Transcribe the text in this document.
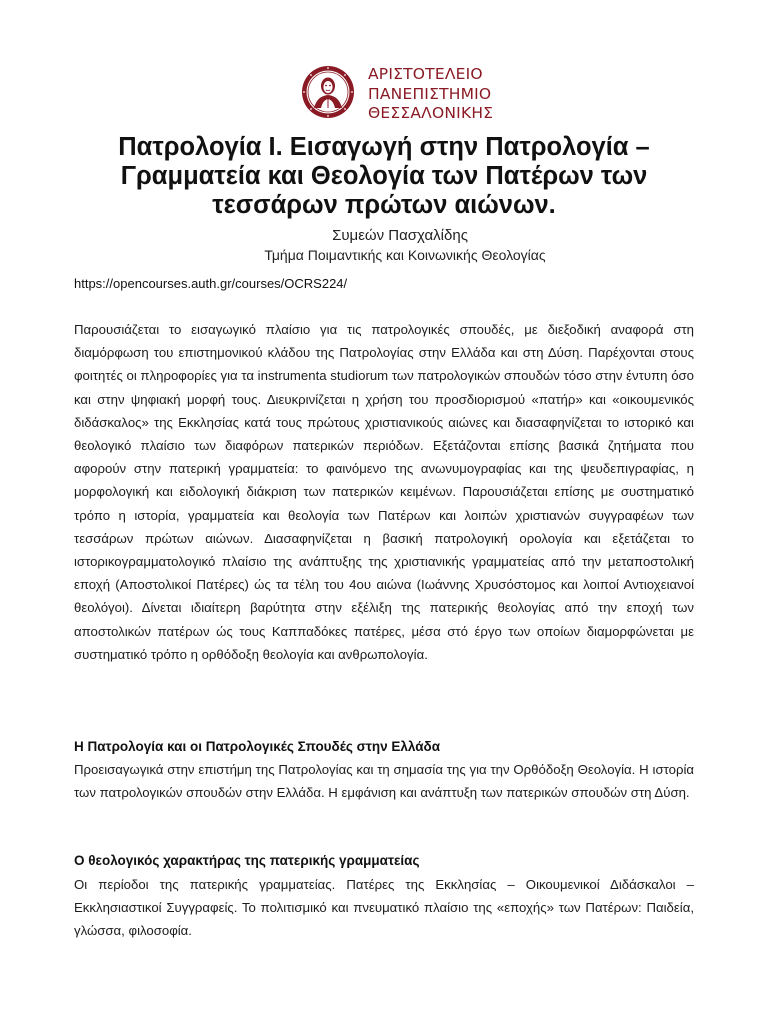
ΑΡΙΣΤΟΤΕΛΕΙΟ
ΠΑΝΕΠΙΣΤΗΜΙΟ
ΘΕΣΣΑΛΟΝΙΚΗΣ
Πατρολογία Ι. Εισαγωγή στην Πατρολογία –
Γραμματεία και Θεολογία των Πατέρων των
τεσσάρων πρώτων αιώνων.
Συμεών Πασχαλίδης
Τμήμα Ποιμαντικής και Κοινωνικής Θεολογίας
https://opencourses.auth.gr/courses/OCRS224/
Παρουσιάζεται το εισαγωγικό πλαίσιο για τις πατρολογικές σπουδές, με διεξοδική αναφορά στη διαμόρφωση του επιστημονικού κλάδου της Πατρολογίας στην Ελλάδα και στη Δύση. Παρέχονται στους φοιτητές οι πληροφορίες για τα instrumenta studiorum των πατρολογικών σπουδών τόσο στην έντυπη όσο και στην ψηφιακή μορφή τους. Διευκρινίζεται η χρήση του προσδιορισμού «πατήρ» και «οικουμενικός διδάσκαλος» της Εκκλησίας κατά τους πρώτους χριστιανικούς αιώνες και διασαφηνίζεται το ιστορικό και θεολογικό πλαίσιο των διαφόρων πατερικών περιόδων. Εξετάζονται επίσης βασικά ζητήματα που αφορούν στην πατερική γραμματεία: το φαινόμενο της ανωνυμογραφίας και της ψευδεπιγραφίας, η μορφολογική και ειδολογική διάκριση των πατερικών κειμένων. Παρουσιάζεται επίσης με συστηματικό τρόπο η ιστορία, γραμματεία και θεολογία των Πατέρων και λοιπών χριστιανών συγγραφέων των τεσσάρων πρώτων αιώνων. Διασαφηνίζεται η βασική πατρολογική ορολογία και εξετάζεται το ιστορικογραμματολογικό πλαίσιο της ανάπτυξης της χριστιανικής γραμματείας από την μεταποστολική εποχή (Αποστολικοί Πατέρες) ώς τα τέλη του 4ου αιώνα (Ιωάννης Χρυσόστομος και λοιποί Αντιοχειανοί θεολόγοι). Δίνεται ιδιαίτερη βαρύτητα στην εξέλιξη της πατερικής θεολογίας από την εποχή των αποστολικών πατέρων ώς τους Καππαδόκες πατέρες, μέσα στό έργο των οποίων διαμορφώνεται με συστηματικό τρόπο η ορθόδοξη θεολογία και ανθρωπολογία.
Η Πατρολογία και οι Πατρολογικές Σπουδές στην Ελλάδα
Προεισαγωγικά στην επιστήμη της Πατρολογίας και τη σημασία της για την Ορθόδοξη Θεολογία. Η ιστορία των πατρολογικών σπουδών στην Ελλάδα. Η εμφάνιση και ανάπτυξη των πατερικών σπουδών στη Δύση.
Ο θεολογικός χαρακτήρας της πατερικής γραμματείας
Οι περίοδοι της πατερικής γραμματείας. Πατέρες της Εκκλησίας – Οικουμενικοί Διδάσκαλοι – Εκκλησιαστικοί Συγγραφείς. Το πολιτισμικό και πνευματικό πλαίσιο της «εποχής» των Πατέρων: Παιδεία, γλώσσα, φιλοσοφία.
